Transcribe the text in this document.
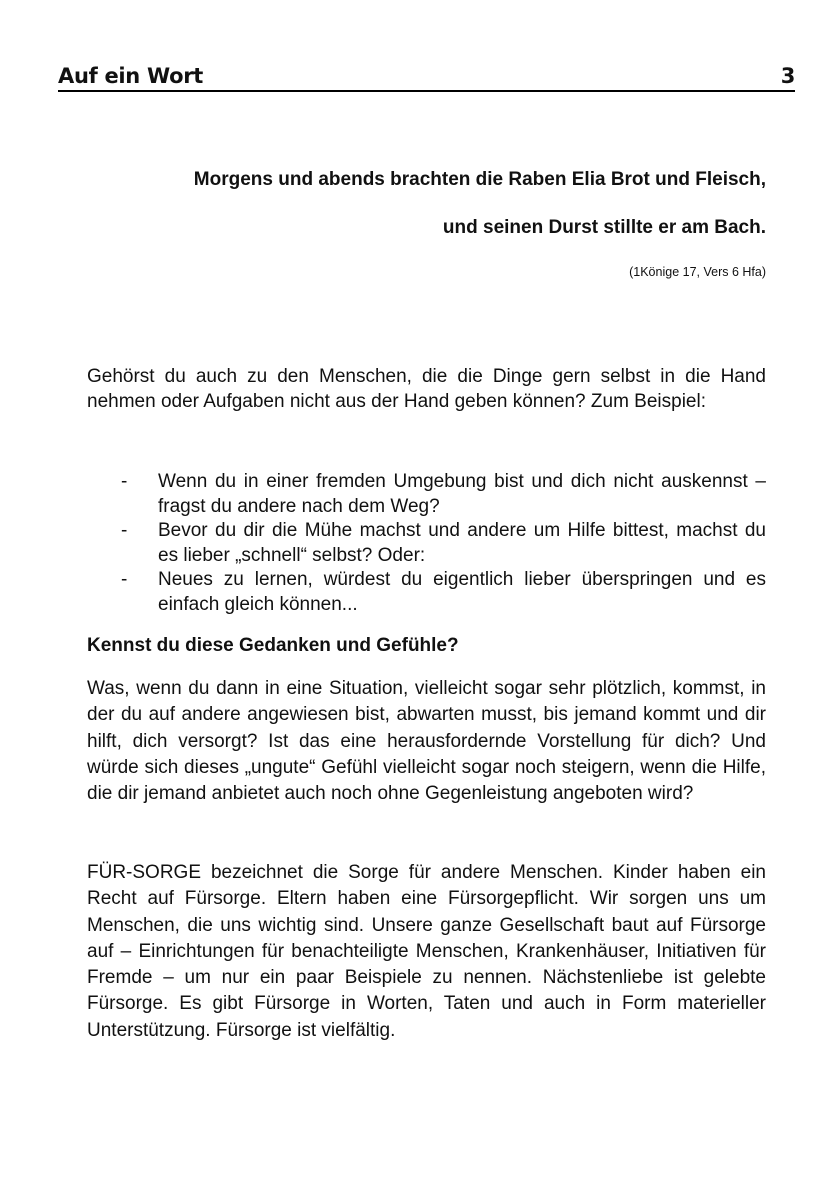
Auf ein Wort	3
Morgens und abends brachten die Raben Elia Brot und Fleisch,
und seinen Durst stillte er am Bach.
(1Könige 17, Vers 6 Hfa)

Gehörst du auch zu den Menschen, die die Dinge gern selbst in die Hand nehmen oder Aufgaben nicht aus der Hand geben können? Zum Beispiel:

- Wenn du in einer fremden Umgebung bist und dich nicht auskennst – fragst du andere nach dem Weg?
- Bevor du dir die Mühe machst und andere um Hilfe bittest, machst du es lieber „schnell“ selbst? Oder:
- Neues zu lernen, würdest du eigentlich lieber überspringen und es einfach gleich können...
Kennst du diese Gedanken und Gefühle?

Was, wenn du dann in eine Situation, vielleicht sogar sehr plötzlich, kommst, in der du auf andere angewiesen bist, abwarten musst, bis jemand kommt und dir hilft, dich versorgt? Ist das eine herausfordernde Vorstellung für dich? Und würde sich dieses „ungute“ Gefühl vielleicht sogar noch steigern, wenn die Hilfe, die dir jemand anbietet auch noch ohne Gegenleistung angeboten wird?

FÜR-SORGE bezeichnet die Sorge für andere Menschen. Kinder haben ein Recht auf Fürsorge. Eltern haben eine Fürsorgepflicht. Wir sorgen uns um Menschen, die uns wichtig sind. Unsere ganze Gesellschaft baut auf Fürsorge auf – Einrichtungen für benachteiligte Menschen, Krankenhäuser, Initiativen für Fremde – um nur ein paar Beispiele zu nennen. Nächstenliebe ist gelebte Fürsorge. Es gibt Fürsorge in Worten, Taten und auch in Form materieller Unterstützung. Fürsorge ist vielfältig.
